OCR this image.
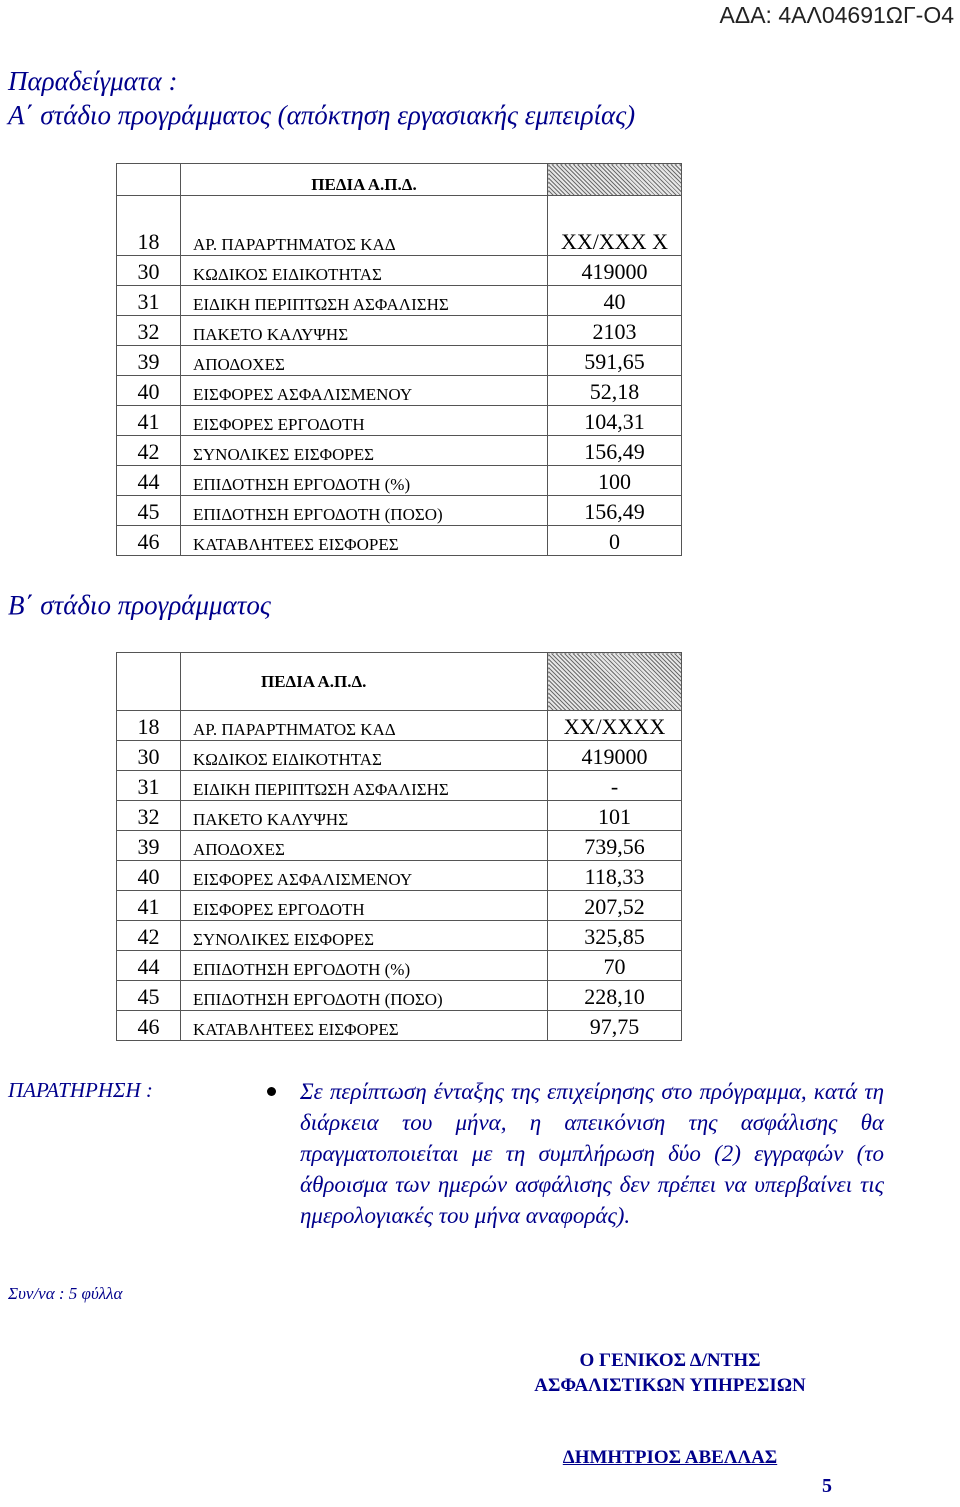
ΑΔΑ: 4ΑΛ04691ΩΓ-Ο4
Παραδείγματα :
Α΄ στάδιο προγράμματος (απόκτηση εργασιακής εμπειρίας)
	ΠΕΔΙΑ Α.Π.Δ.	
18	ΑΡ. ΠΑΡΑΡΤΗΜΑΤΟΣ ΚΑΔ	XX/XXX X
30	ΚΩΔΙΚΟΣ ΕΙΔΙΚΟΤΗΤΑΣ	419000
31	ΕΙΔΙΚΗ ΠΕΡΙΠΤΩΣΗ ΑΣΦΑΛΙΣΗΣ	40
32	ΠΑΚΕΤΟ ΚΑΛΥΨΗΣ	2103
39	ΑΠΟΔΟΧΕΣ	591,65
40	ΕΙΣΦΟΡΕΣ ΑΣΦΑΛΙΣΜΕΝΟΥ	52,18
41	ΕΙΣΦΟΡΕΣ ΕΡΓΟΔΟΤΗ	104,31
42	ΣΥΝΟΛΙΚΕΣ ΕΙΣΦΟΡΕΣ	156,49
44	ΕΠΙΔΟΤΗΣΗ ΕΡΓΟΔΟΤΗ (%)	100
45	ΕΠΙΔΟΤΗΣΗ ΕΡΓΟΔΟΤΗ (ΠΟΣΟ)	156,49
46	ΚΑΤΑΒΛΗΤΕΕΣ ΕΙΣΦΟΡΕΣ	0
Β΄ στάδιο προγράμματος
	ΠΕΔΙΑ Α.Π.Δ.	
18	ΑΡ. ΠΑΡΑΡΤΗΜΑΤΟΣ ΚΑΔ	XX/XXXX
30	ΚΩΔΙΚΟΣ ΕΙΔΙΚΟΤΗΤΑΣ	419000
31	ΕΙΔΙΚΗ ΠΕΡΙΠΤΩΣΗ ΑΣΦΑΛΙΣΗΣ	-
32	ΠΑΚΕΤΟ ΚΑΛΥΨΗΣ	101
39	ΑΠΟΔΟΧΕΣ	739,56
40	ΕΙΣΦΟΡΕΣ ΑΣΦΑΛΙΣΜΕΝΟΥ	118,33
41	ΕΙΣΦΟΡΕΣ ΕΡΓΟΔΟΤΗ	207,52
42	ΣΥΝΟΛΙΚΕΣ ΕΙΣΦΟΡΕΣ	325,85
44	ΕΠΙΔΟΤΗΣΗ ΕΡΓΟΔΟΤΗ (%)	70
45	ΕΠΙΔΟΤΗΣΗ ΕΡΓΟΔΟΤΗ (ΠΟΣΟ)	228,10
46	ΚΑΤΑΒΛΗΤΕΕΣ ΕΙΣΦΟΡΕΣ	97,75
ΠΑΡΑΤΗΡΗΣΗ :	Σε περίπτωση ένταξης της επιχείρησης στο πρόγραμμα, κατά τη διάρκεια του μήνα, η απεικόνιση της ασφάλισης θα πραγματοποιείται με τη συμπλήρωση δύο (2) εγγραφών (το άθροισμα των ημερών ασφάλισης δεν πρέπει να υπερβαίνει τις ημερολογιακές του μήνα αναφοράς).
Συν/να : 5 φύλλα
Ο ΓΕΝΙΚΟΣ Δ/ΝΤΗΣ
ΑΣΦΑΛΙΣΤΙΚΩΝ ΥΠΗΡΕΣΙΩΝ
ΔΗΜΗΤΡΙΟΣ ΑΒΕΛΛΑΣ
5
